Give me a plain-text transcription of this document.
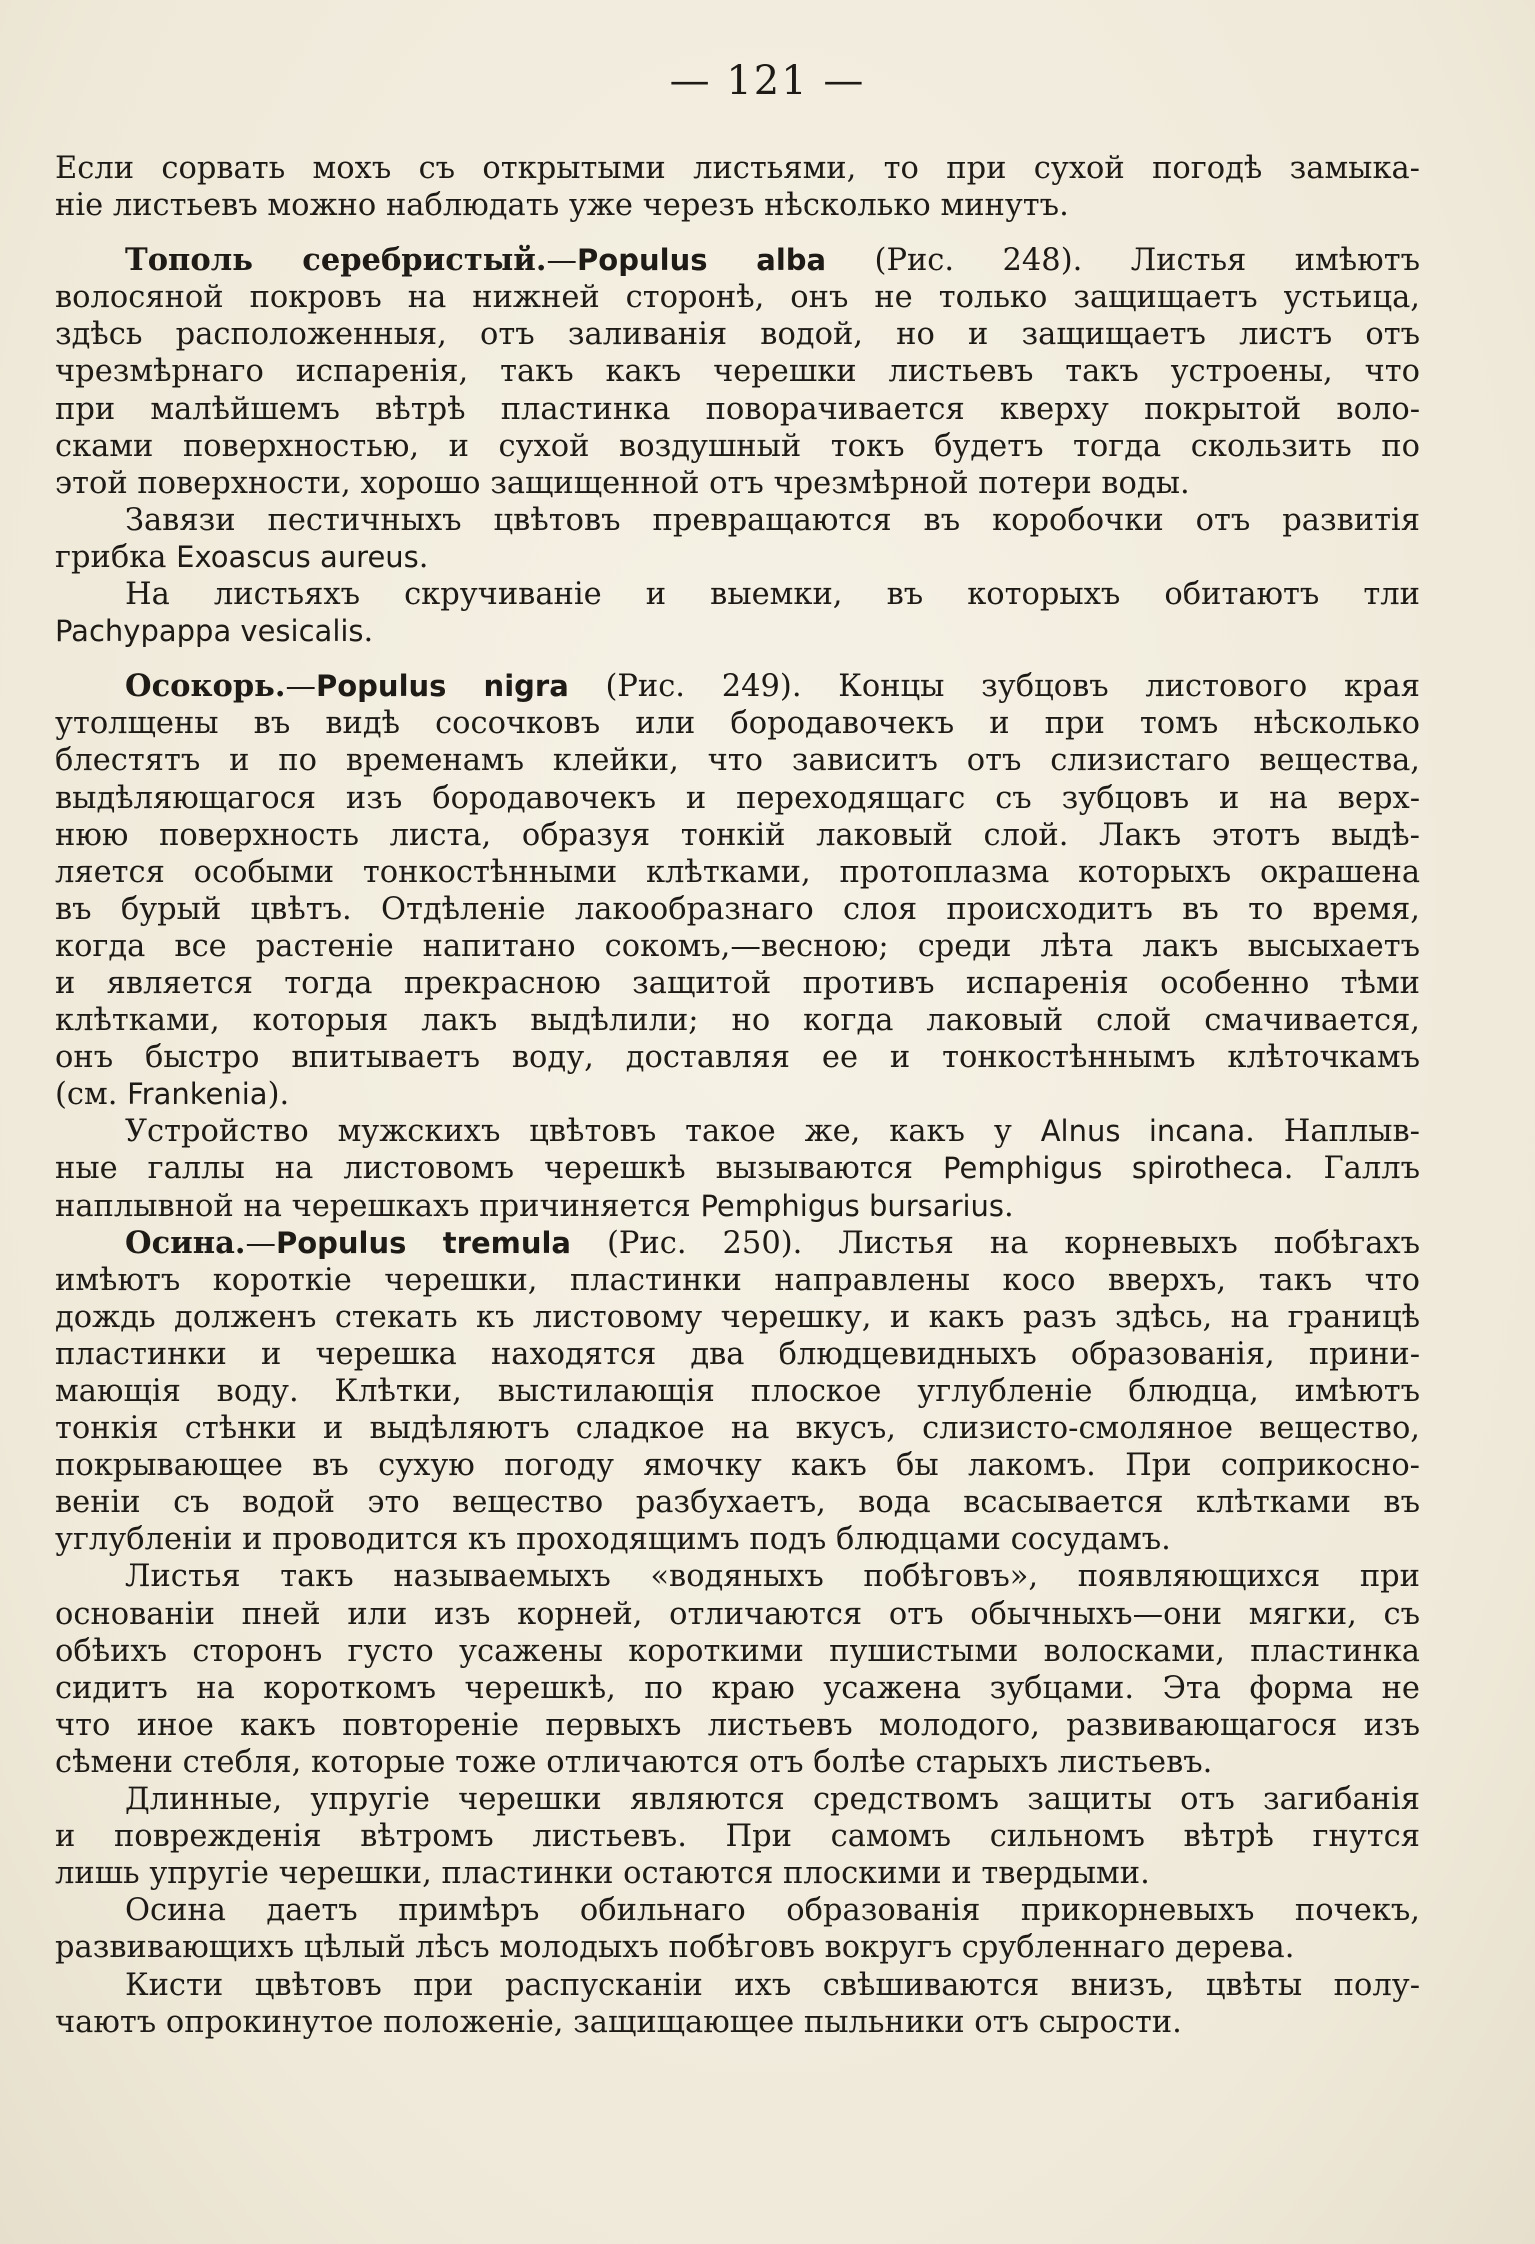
— 121 —
Если сорвать мохъ съ открытыми листьями, то при сухой погодѣ замыка-
ніе листьевъ можно наблюдать уже черезъ нѣсколько минутъ.
Тополь серебристый.—Populus alba (Рис. 248). Листья имѣютъ
волосяной покровъ на нижней сторонѣ, онъ не только защищаетъ устьица,
здѣсь расположенныя, отъ заливанія водой, но и защищаетъ листъ отъ
чрезмѣрнаго испаренія, такъ какъ черешки листьевъ такъ устроены, что
при малѣйшемъ вѣтрѣ пластинка поворачивается кверху покрытой воло-
сками поверхностью, и сухой воздушный токъ будетъ тогда скользить по
этой поверхности, хорошо защищенной отъ чрезмѣрной потери воды.
Завязи пестичныхъ цвѣтовъ превращаются въ коробочки отъ развитія
грибка Exoascus aureus.
На листьяхъ скручиваніе и выемки, въ которыхъ обитаютъ тли
Pachypappa vesicalis.
Осокорь.—Populus nigra (Рис. 249). Концы зубцовъ листового края
утолщены въ видѣ сосочковъ или бородавочекъ и при томъ нѣсколько
блестятъ и по временамъ клейки, что зависитъ отъ слизистаго вещества,
выдѣляющагося изъ бородавочекъ и переходящагс съ зубцовъ и на верх-
нюю поверхность листа, образуя тонкій лаковый слой. Лакъ этотъ выдѣ-
ляется особыми тонкостѣнными клѣтками, протоплазма которыхъ окрашена
въ бурый цвѣтъ. Отдѣленіе лакообразнаго слоя происходитъ въ то время,
когда все растеніе напитано сокомъ,—весною; среди лѣта лакъ высыхаетъ
и является тогда прекрасною защитой противъ испаренія особенно тѣми
клѣтками, которыя лакъ выдѣлили; но когда лаковый слой смачивается,
онъ быстро впитываетъ воду, доставляя ее и тонкостѣннымъ клѣточкамъ
(см. Frankenia).
Устройство мужскихъ цвѣтовъ такое же, какъ у Alnus incana. Наплыв-
ные галлы на листовомъ черешкѣ вызываются Pemphigus spirotheca. Галлъ
наплывной на черешкахъ причиняется Pemphigus bursarius.
Осина.—Populus tremula (Рис. 250). Листья на корневыхъ побѣгахъ
имѣютъ короткіе черешки, пластинки направлены косо вверхъ, такъ что
дождь долженъ стекать къ листовому черешку, и какъ разъ здѣсь, на границѣ
пластинки и черешка находятся два блюдцевидныхъ образованія, прини-
мающія воду. Клѣтки, выстилающія плоское углубленіе блюдца, имѣютъ
тонкія стѣнки и выдѣляютъ сладкое на вкусъ, слизисто-смоляное вещество,
покрывающее въ сухую погоду ямочку какъ бы лакомъ. При соприкосно-
веніи съ водой это вещество разбухаетъ, вода всасывается клѣтками въ
углубленіи и проводится къ проходящимъ подъ блюдцами сосудамъ.
Листья такъ называемыхъ «водяныхъ побѣговъ», появляющихся при
основаніи пней или изъ корней, отличаются отъ обычныхъ—они мягки, съ
обѣихъ сторонъ густо усажены короткими пушистыми волосками, пластинка
сидитъ на короткомъ черешкѣ, по краю усажена зубцами. Эта форма не
что иное какъ повтореніе первыхъ листьевъ молодого, развивающагося изъ
сѣмени стебля, которые тоже отличаются отъ болѣе старыхъ листьевъ.
Длинные, упругіе черешки являются средствомъ защиты отъ загибанія
и поврежденія вѣтромъ листьевъ. При самомъ сильномъ вѣтрѣ гнутся
лишь упругіе черешки, пластинки остаются плоскими и твердыми.
Осина даетъ примѣръ обильнаго образованія прикорневыхъ почекъ,
развивающихъ цѣлый лѣсъ молодыхъ побѣговъ вокругъ срубленнаго дерева.
Кисти цвѣтовъ при распусканіи ихъ свѣшиваются внизъ, цвѣты полу-
чаютъ опрокинутое положеніе, защищающее пыльники отъ сырости.
